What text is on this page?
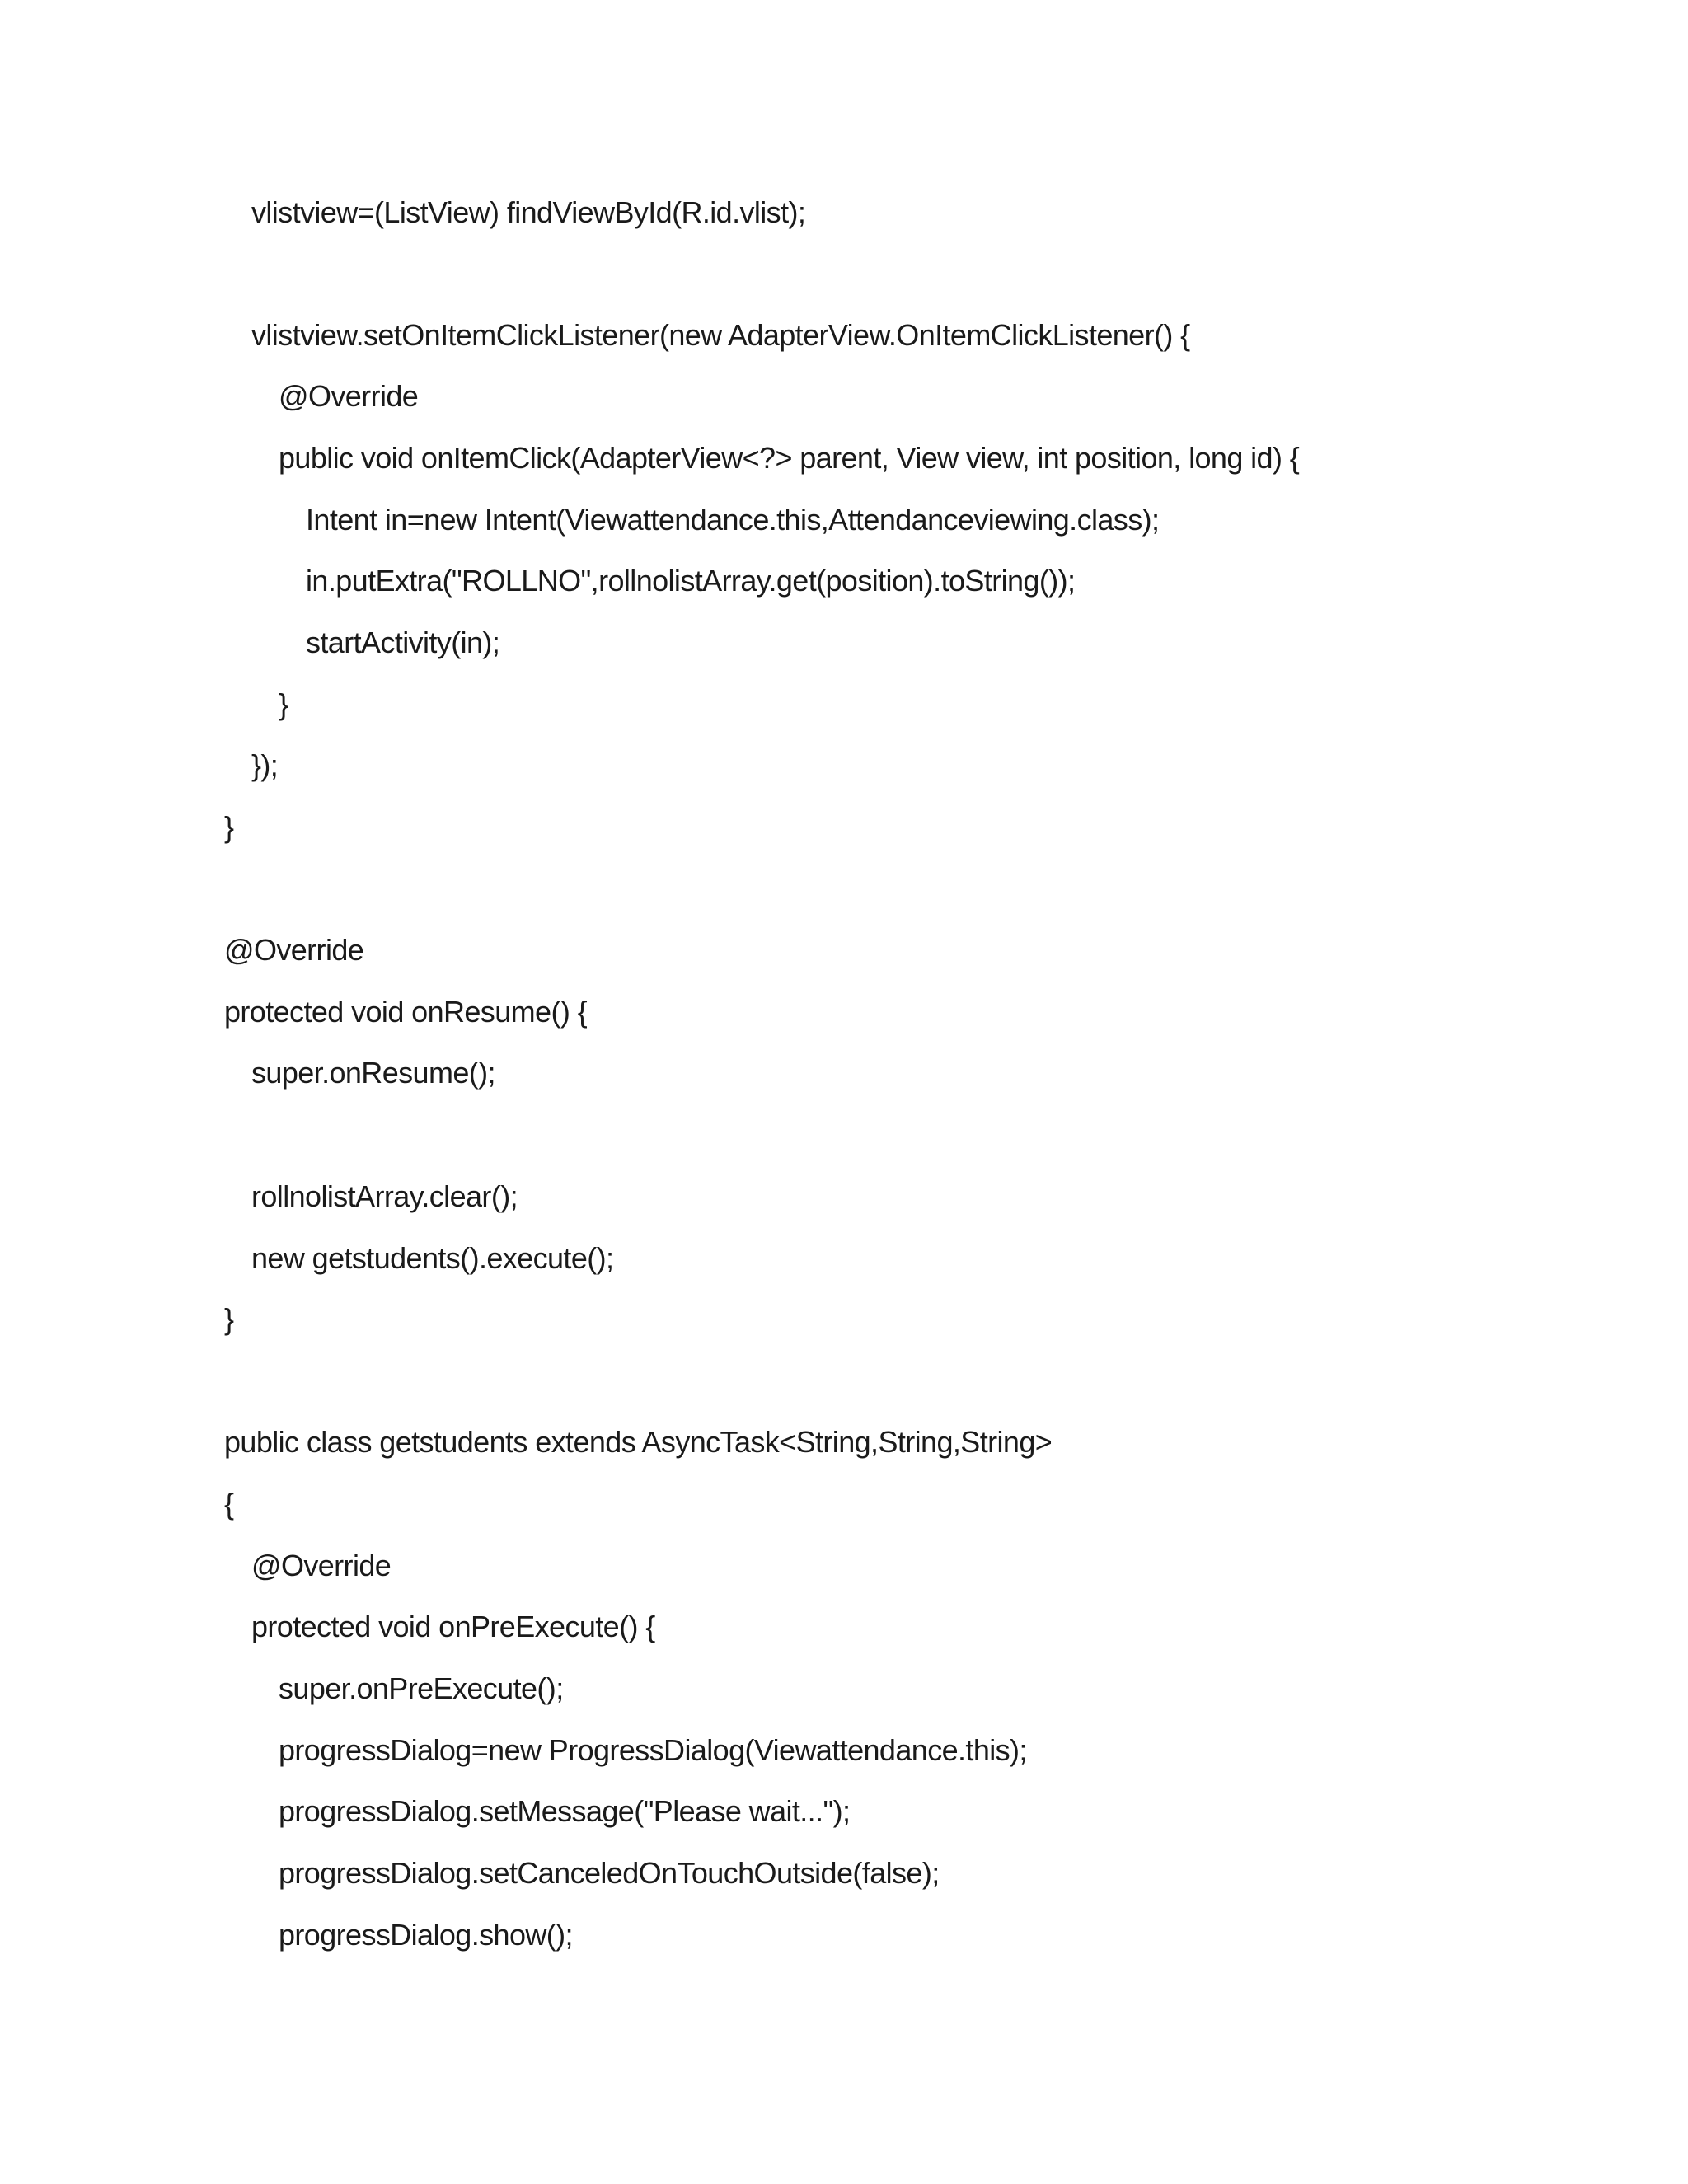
vlistview=(ListView) findViewById(R.id.vlist);
vlistview.setOnItemClickListener(new AdapterView.OnItemClickListener() {
@Override
public void onItemClick(AdapterView<?> parent, View view, int position, long id) {
Intent in=new Intent(Viewattendance.this,Attendanceviewing.class);
in.putExtra("ROLLNO",rollnolistArray.get(position).toString());
startActivity(in);
}
});
}
@Override
protected void onResume() {
super.onResume();
rollnolistArray.clear();
new getstudents().execute();
}
public class getstudents extends AsyncTask<String,String,String>
{
@Override
protected void onPreExecute() {
super.onPreExecute();
progressDialog=new ProgressDialog(Viewattendance.this);
progressDialog.setMessage("Please wait...");
progressDialog.setCanceledOnTouchOutside(false);
progressDialog.show();
